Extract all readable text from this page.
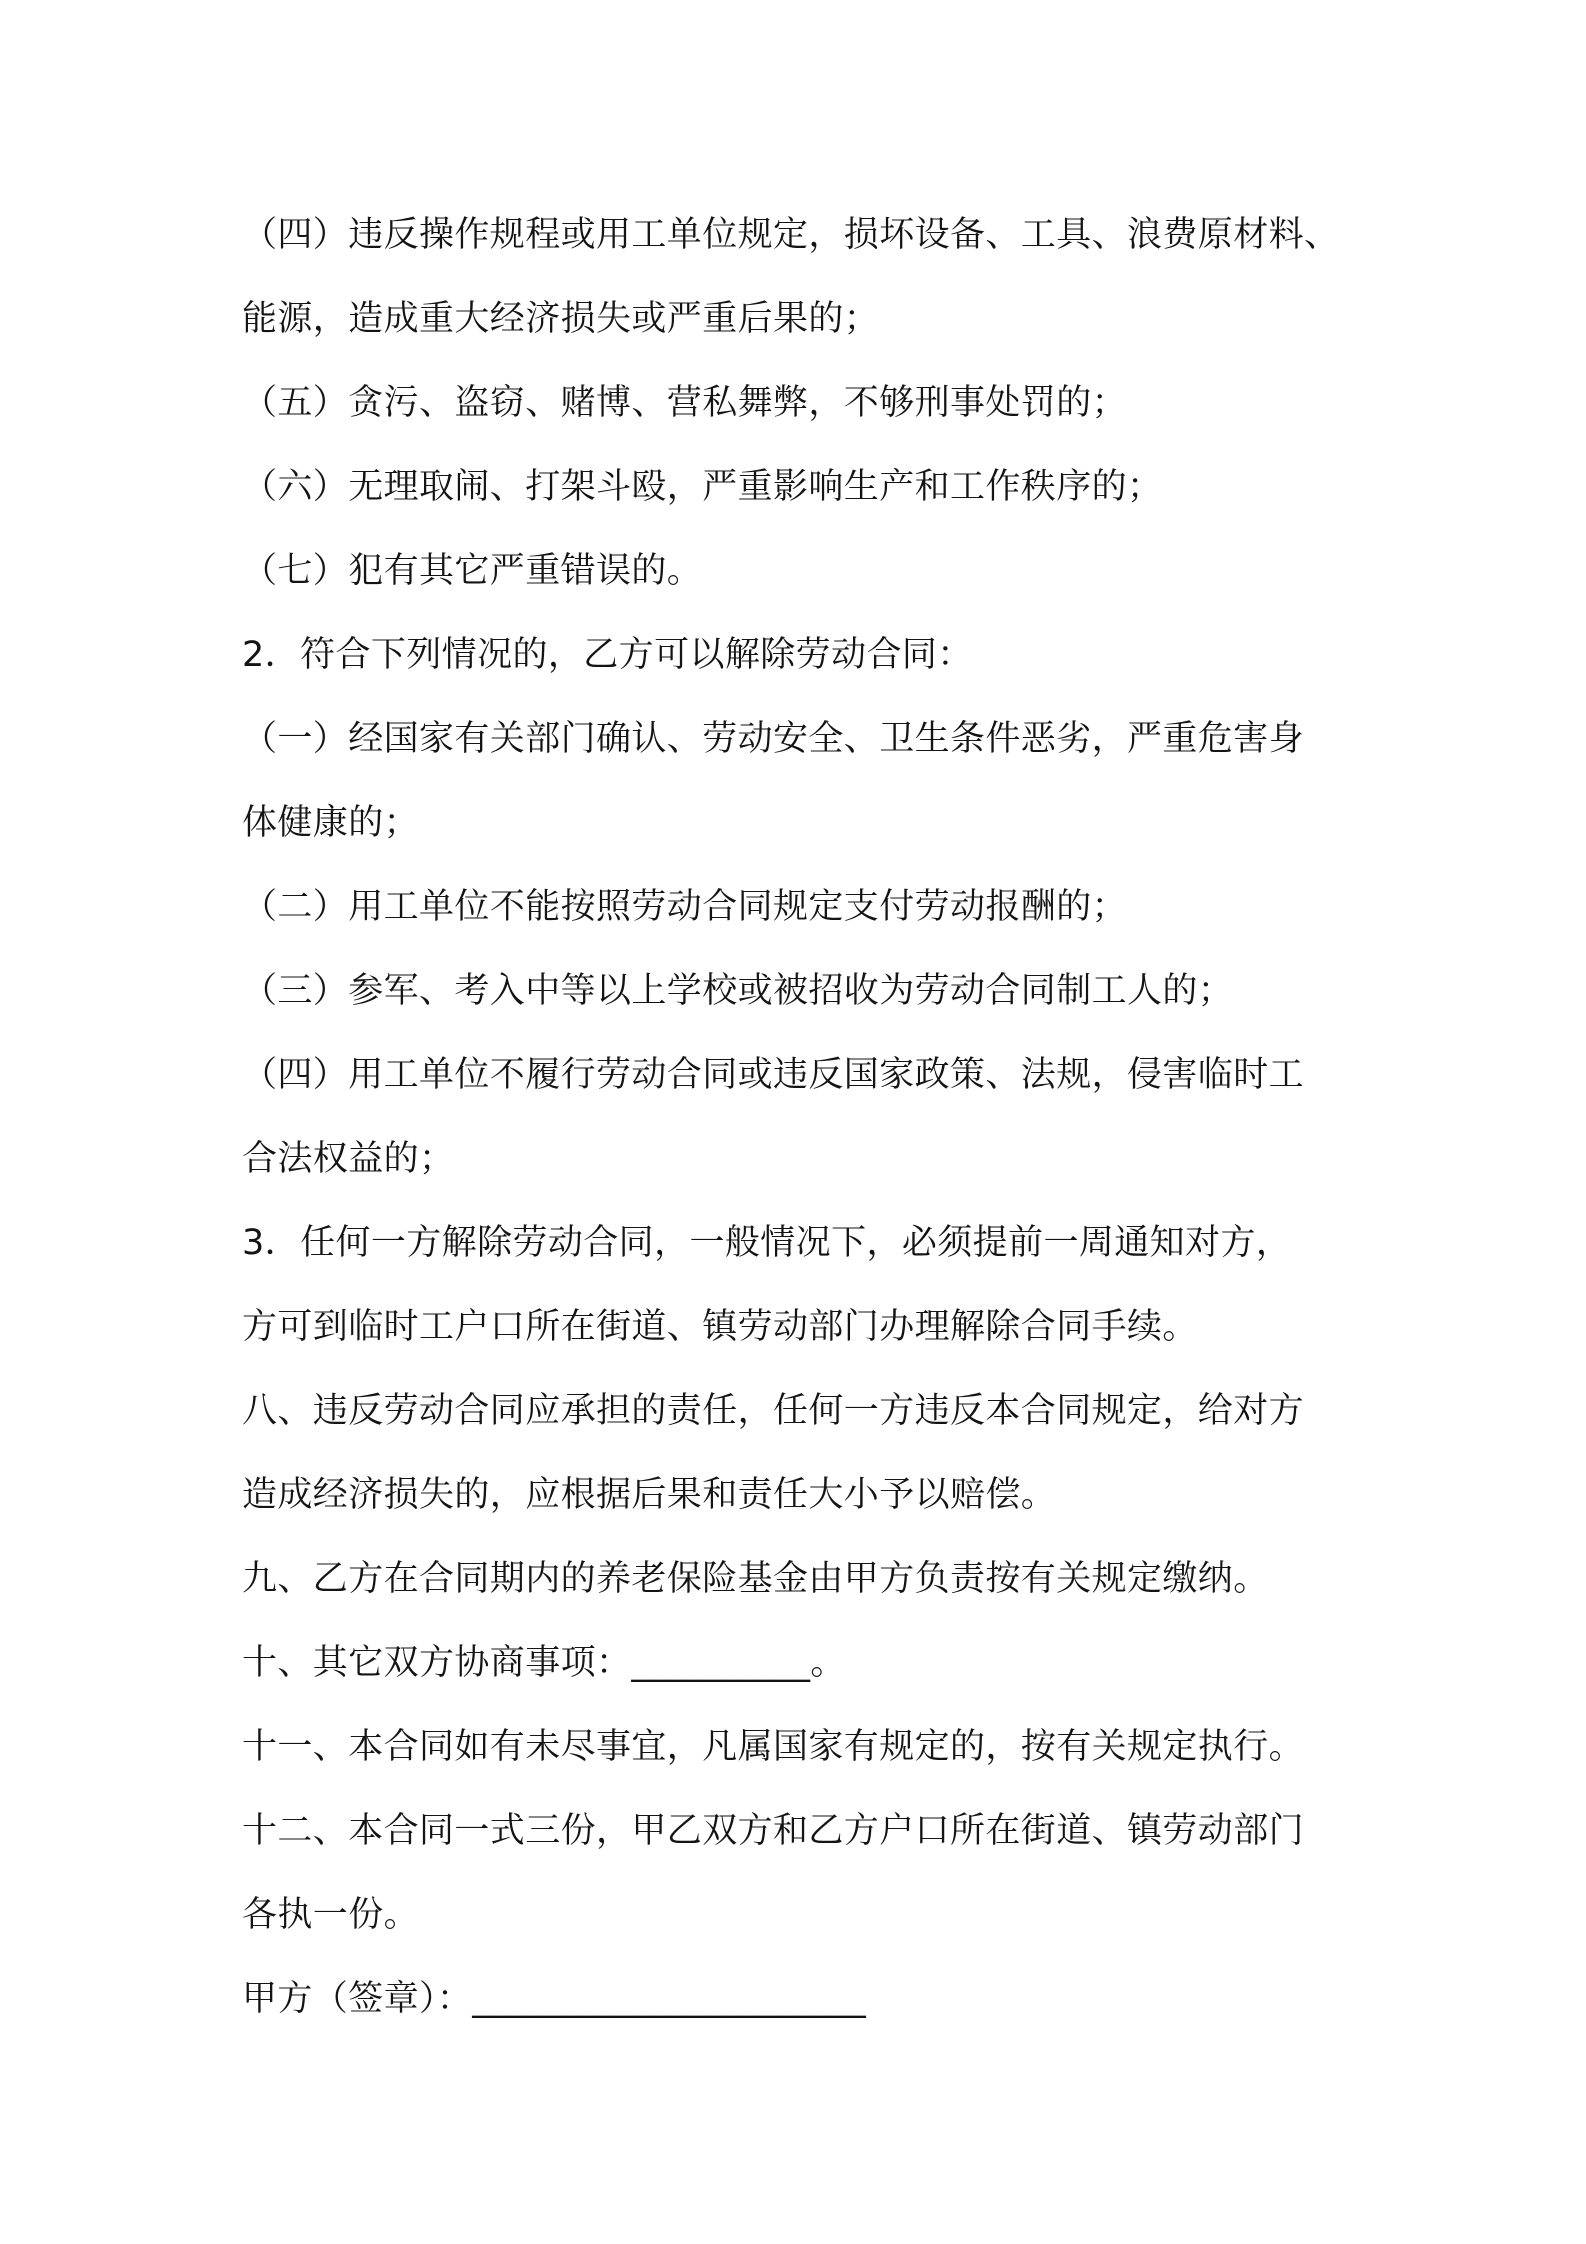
（四）违反操作规程或用工单位规定，损坏设备、工具、浪费原材料、
能源，造成重大经济损失或严重后果的；
（五）贪污、盗窃、赌博、营私舞弊，不够刑事处罚的；
（六）无理取闹、打架斗殴，严重影响生产和工作秩序的；
（七）犯有其它严重错误的。
2．符合下列情况的，乙方可以解除劳动合同：
（一）经国家有关部门确认、劳动安全、卫生条件恶劣，严重危害身
体健康的；
（二）用工单位不能按照劳动合同规定支付劳动报酬的；
（三）参军、考入中等以上学校或被招收为劳动合同制工人的；
（四）用工单位不履行劳动合同或违反国家政策、法规，侵害临时工
合法权益的；
3．任何一方解除劳动合同，一般情况下，必须提前一周通知对方，
方可到临时工户口所在街道、镇劳动部门办理解除合同手续。
八、违反劳动合同应承担的责任，任何一方违反本合同规定，给对方
造成经济损失的，应根据后果和责任大小予以赔偿。
九、乙方在合同期内的养老保险基金由甲方负责按有关规定缴纳。
十、其它双方协商事项：__________。
十一、本合同如有未尽事宜，凡属国家有规定的，按有关规定执行。
十二、本合同一式三份，甲乙双方和乙方户口所在街道、镇劳动部门
各执一份。
甲方（签章）：______________________
